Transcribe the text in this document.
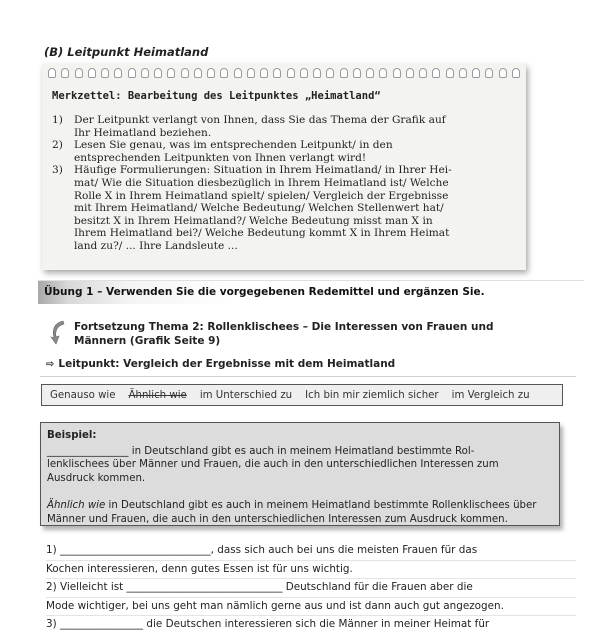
(B) Leitpunkt Heimatland
Merkzettel: Bearbeitung des Leitpunktes „Heimatland“
1)	Der Leitpunkt verlangt von Ihnen, dass Sie das Thema der Grafik auf
Ihr Heimatland beziehen.
2)	Lesen Sie genau, was im entsprechenden Leitpunkt/ in den
entsprechenden Leitpunkten von Ihnen verlangt wird!
3)	Häufige Formulierungen: Situation in Ihrem Heimatland/ in Ihrer Hei-
mat/ Wie die Situation diesbezüglich in Ihrem Heimatland ist/ Welche
Rolle X in Ihrem Heimatland spielt/ spielen/ Vergleich der Ergebnisse
mit Ihrem Heimatland/ Welche Bedeutung/ Welchen Stellenwert hat/
besitzt X in Ihrem Heimatland?/ Welche Bedeutung misst man X in
Ihrem Heimatland bei?/ Welche Bedeutung kommt X in Ihrem Heimat
land zu?/ ... Ihre Landsleute ...
Übung 1 – Verwenden Sie die vorgegebenen Redemittel und ergänzen Sie.
Fortsetzung Thema 2: Rollenklischees – Die Interessen von Frauen und
Männern (Grafik Seite 9)
⇨ Leitpunkt: Vergleich der Ergebnisse mit dem Heimatland
Genauso wie Ähnlich wie im Unterschied zu Ich bin mir ziemlich sicher im Vergleich zu
Beispiel:
________________ in Deutschland gibt es auch in meinem Heimatland bestimmte Rol-
lenklischees über Männer und Frauen, die auch in den unterschiedlichen Interessen zum
Ausdruck kommen.
Ähnlich wie in Deutschland gibt es auch in meinem Heimatland bestimmte Rollenklischees über
Männer und Frauen, die auch in den unterschiedlichen Interessen zum Ausdruck kommen.
1) _____________________________, dass sich auch bei uns die meisten Frauen für das
Kochen interessieren, denn gutes Essen ist für uns wichtig.
2) Vielleicht ist ______________________________ Deutschland für die Frauen aber die
Mode wichtiger, bei uns geht man nämlich gerne aus und ist dann auch gut angezogen.
3) ________________ die Deutschen interessieren sich die Männer in meiner Heimat für
